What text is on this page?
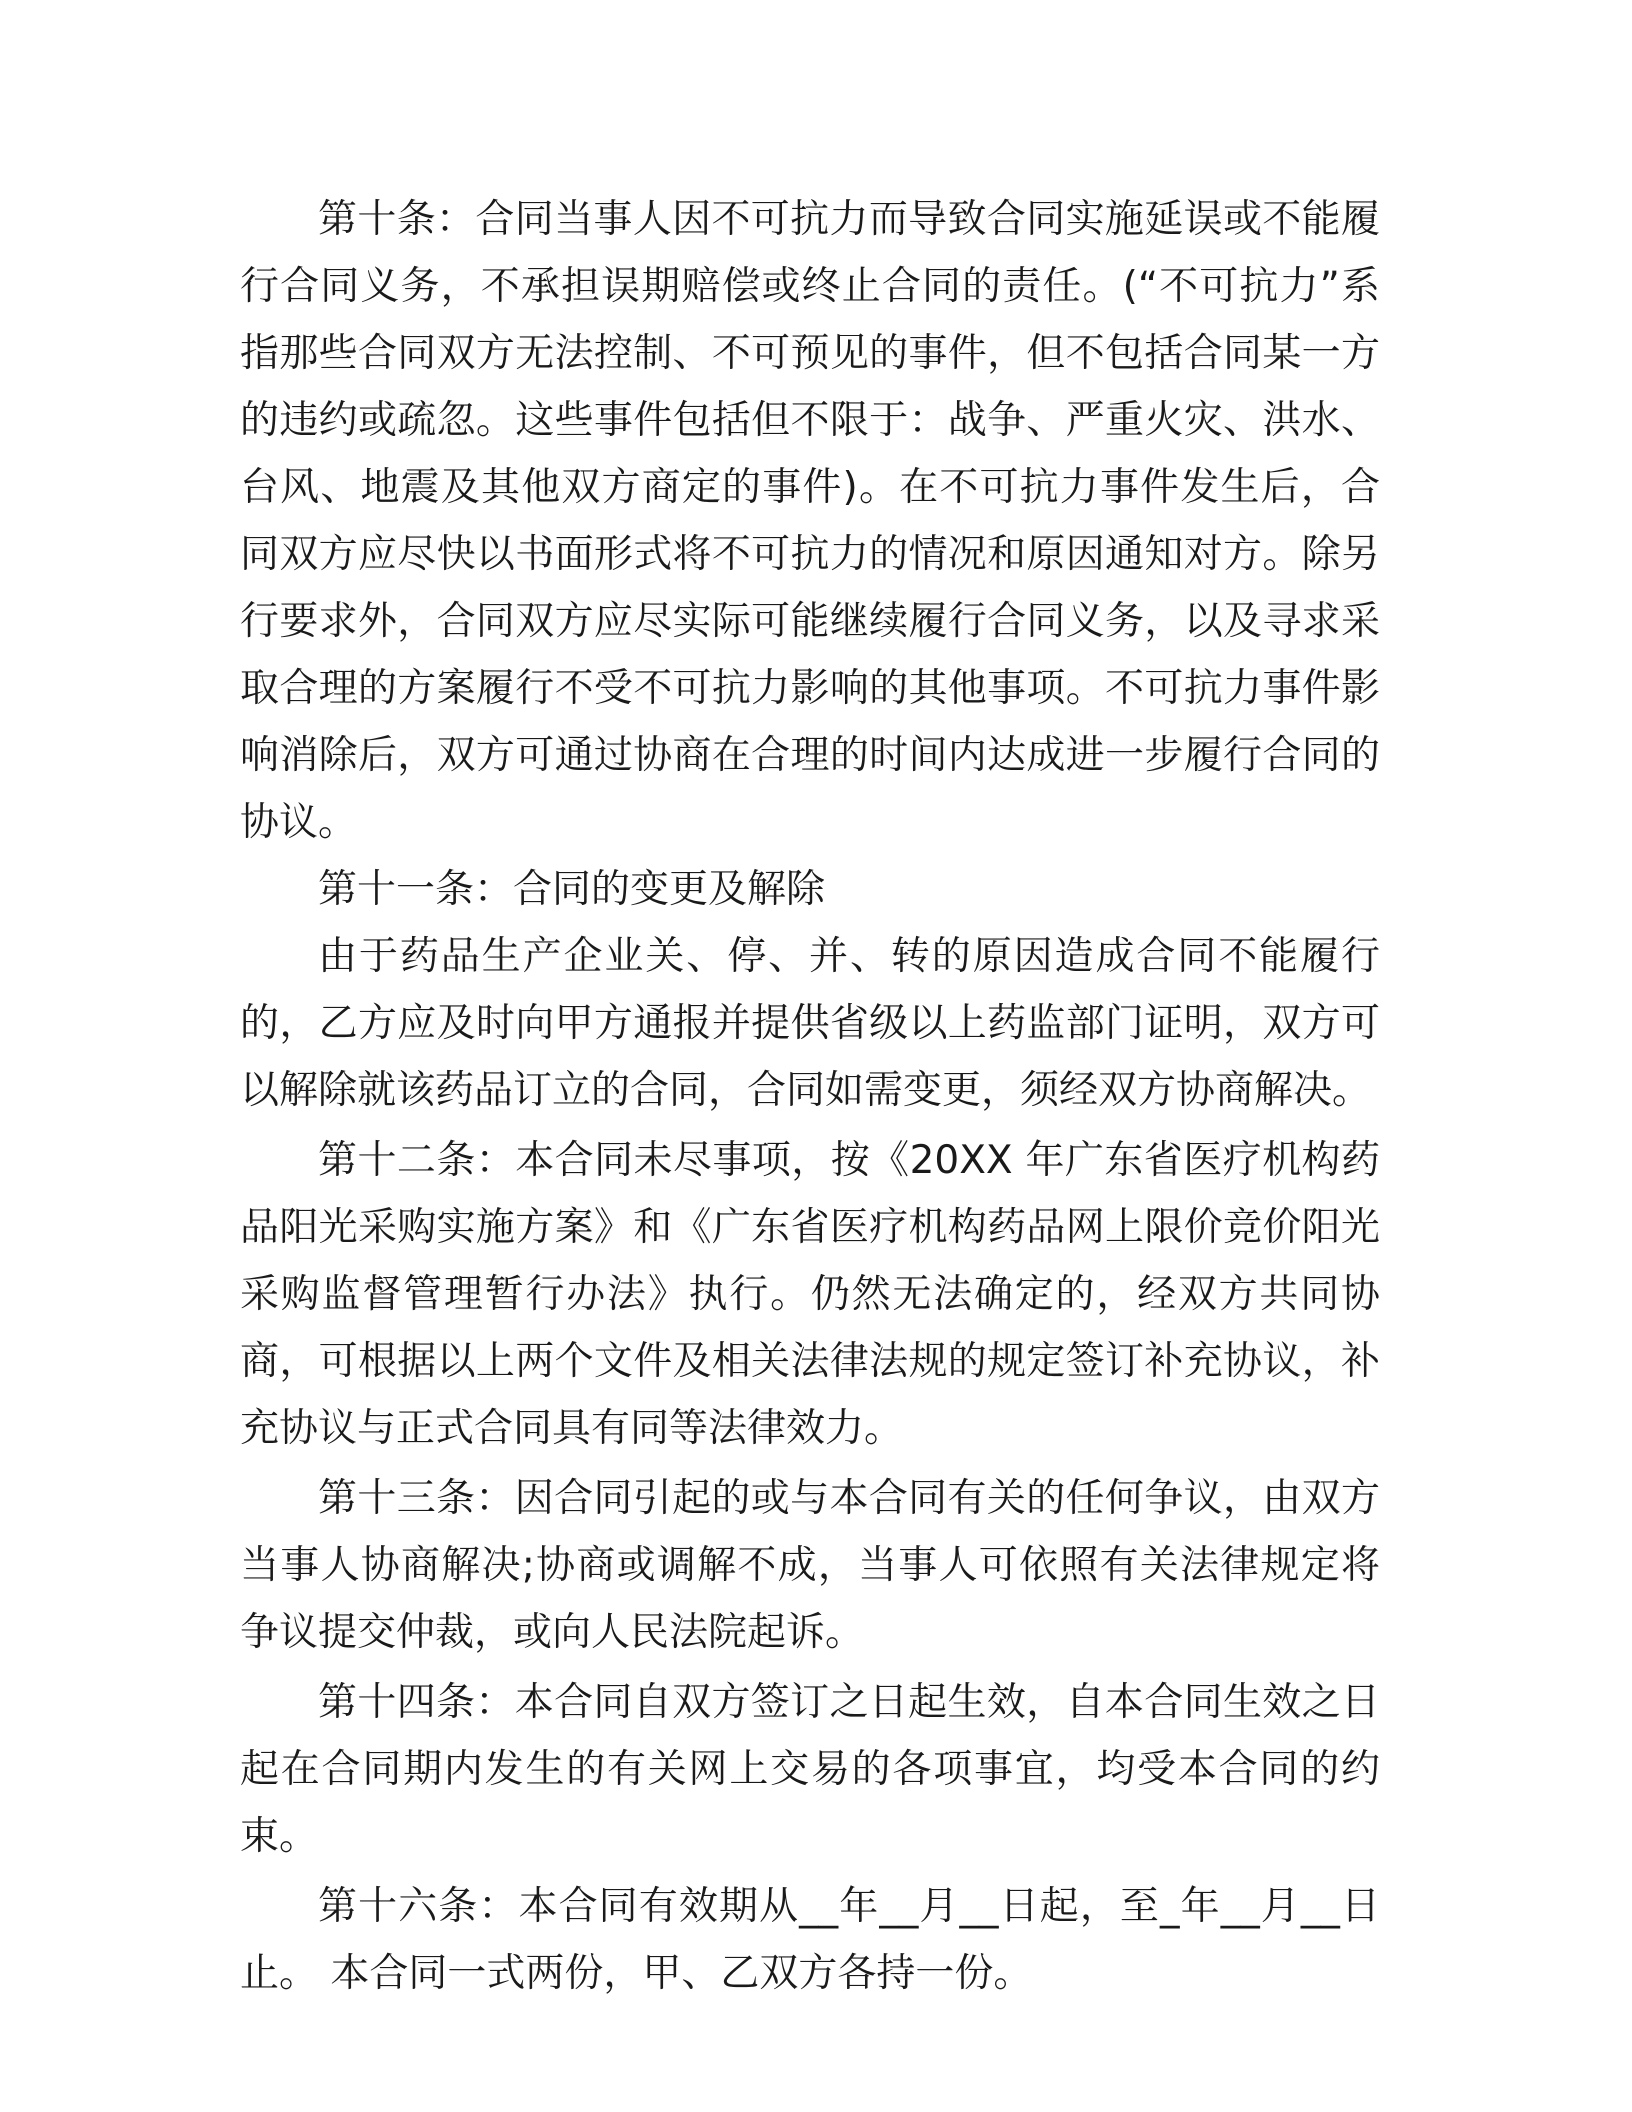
第十条：合同当事人因不可抗力而导致合同实施延误或不能履行合同义务，不承担误期赔偿或终止合同的责任。(“不可抗力”系指那些合同双方无法控制、不可预见的事件，但不包括合同某一方的违约或疏忽。这些事件包括但不限于：战争、严重火灾、洪水、台风、地震及其他双方商定的事件)。在不可抗力事件发生后，合同双方应尽快以书面形式将不可抗力的情况和原因通知对方。除另行要求外，合同双方应尽实际可能继续履行合同义务，以及寻求采取合理的方案履行不受不可抗力影响的其他事项。不可抗力事件影响消除后，双方可通过协商在合理的时间内达成进一步履行合同的协议。

第十一条：合同的变更及解除

由于药品生产企业关、停、并、转的原因造成合同不能履行的，乙方应及时向甲方通报并提供省级以上药监部门证明，双方可以解除就该药品订立的合同，合同如需变更，须经双方协商解决。

第十二条：本合同未尽事项，按《20XX 年广东省医疗机构药品阳光采购实施方案》和《广东省医疗机构药品网上限价竞价阳光采购监督管理暂行办法》执行。仍然无法确定的，经双方共同协商，可根据以上两个文件及相关法律法规的规定签订补充协议，补充协议与正式合同具有同等法律效力。

第十三条：因合同引起的或与本合同有关的任何争议，由双方当事人协商解决;协商或调解不成，当事人可依照有关法律规定将争议提交仲裁，或向人民法院起诉。

第十四条：本合同自双方签订之日起生效，自本合同生效之日起在合同期内发生的有关网上交易的各项事宜，均受本合同的约束。

第十六条：本合同有效期从__年__月__日起，至_年__月__日止。 本合同一式两份，甲、乙双方各持一份。
